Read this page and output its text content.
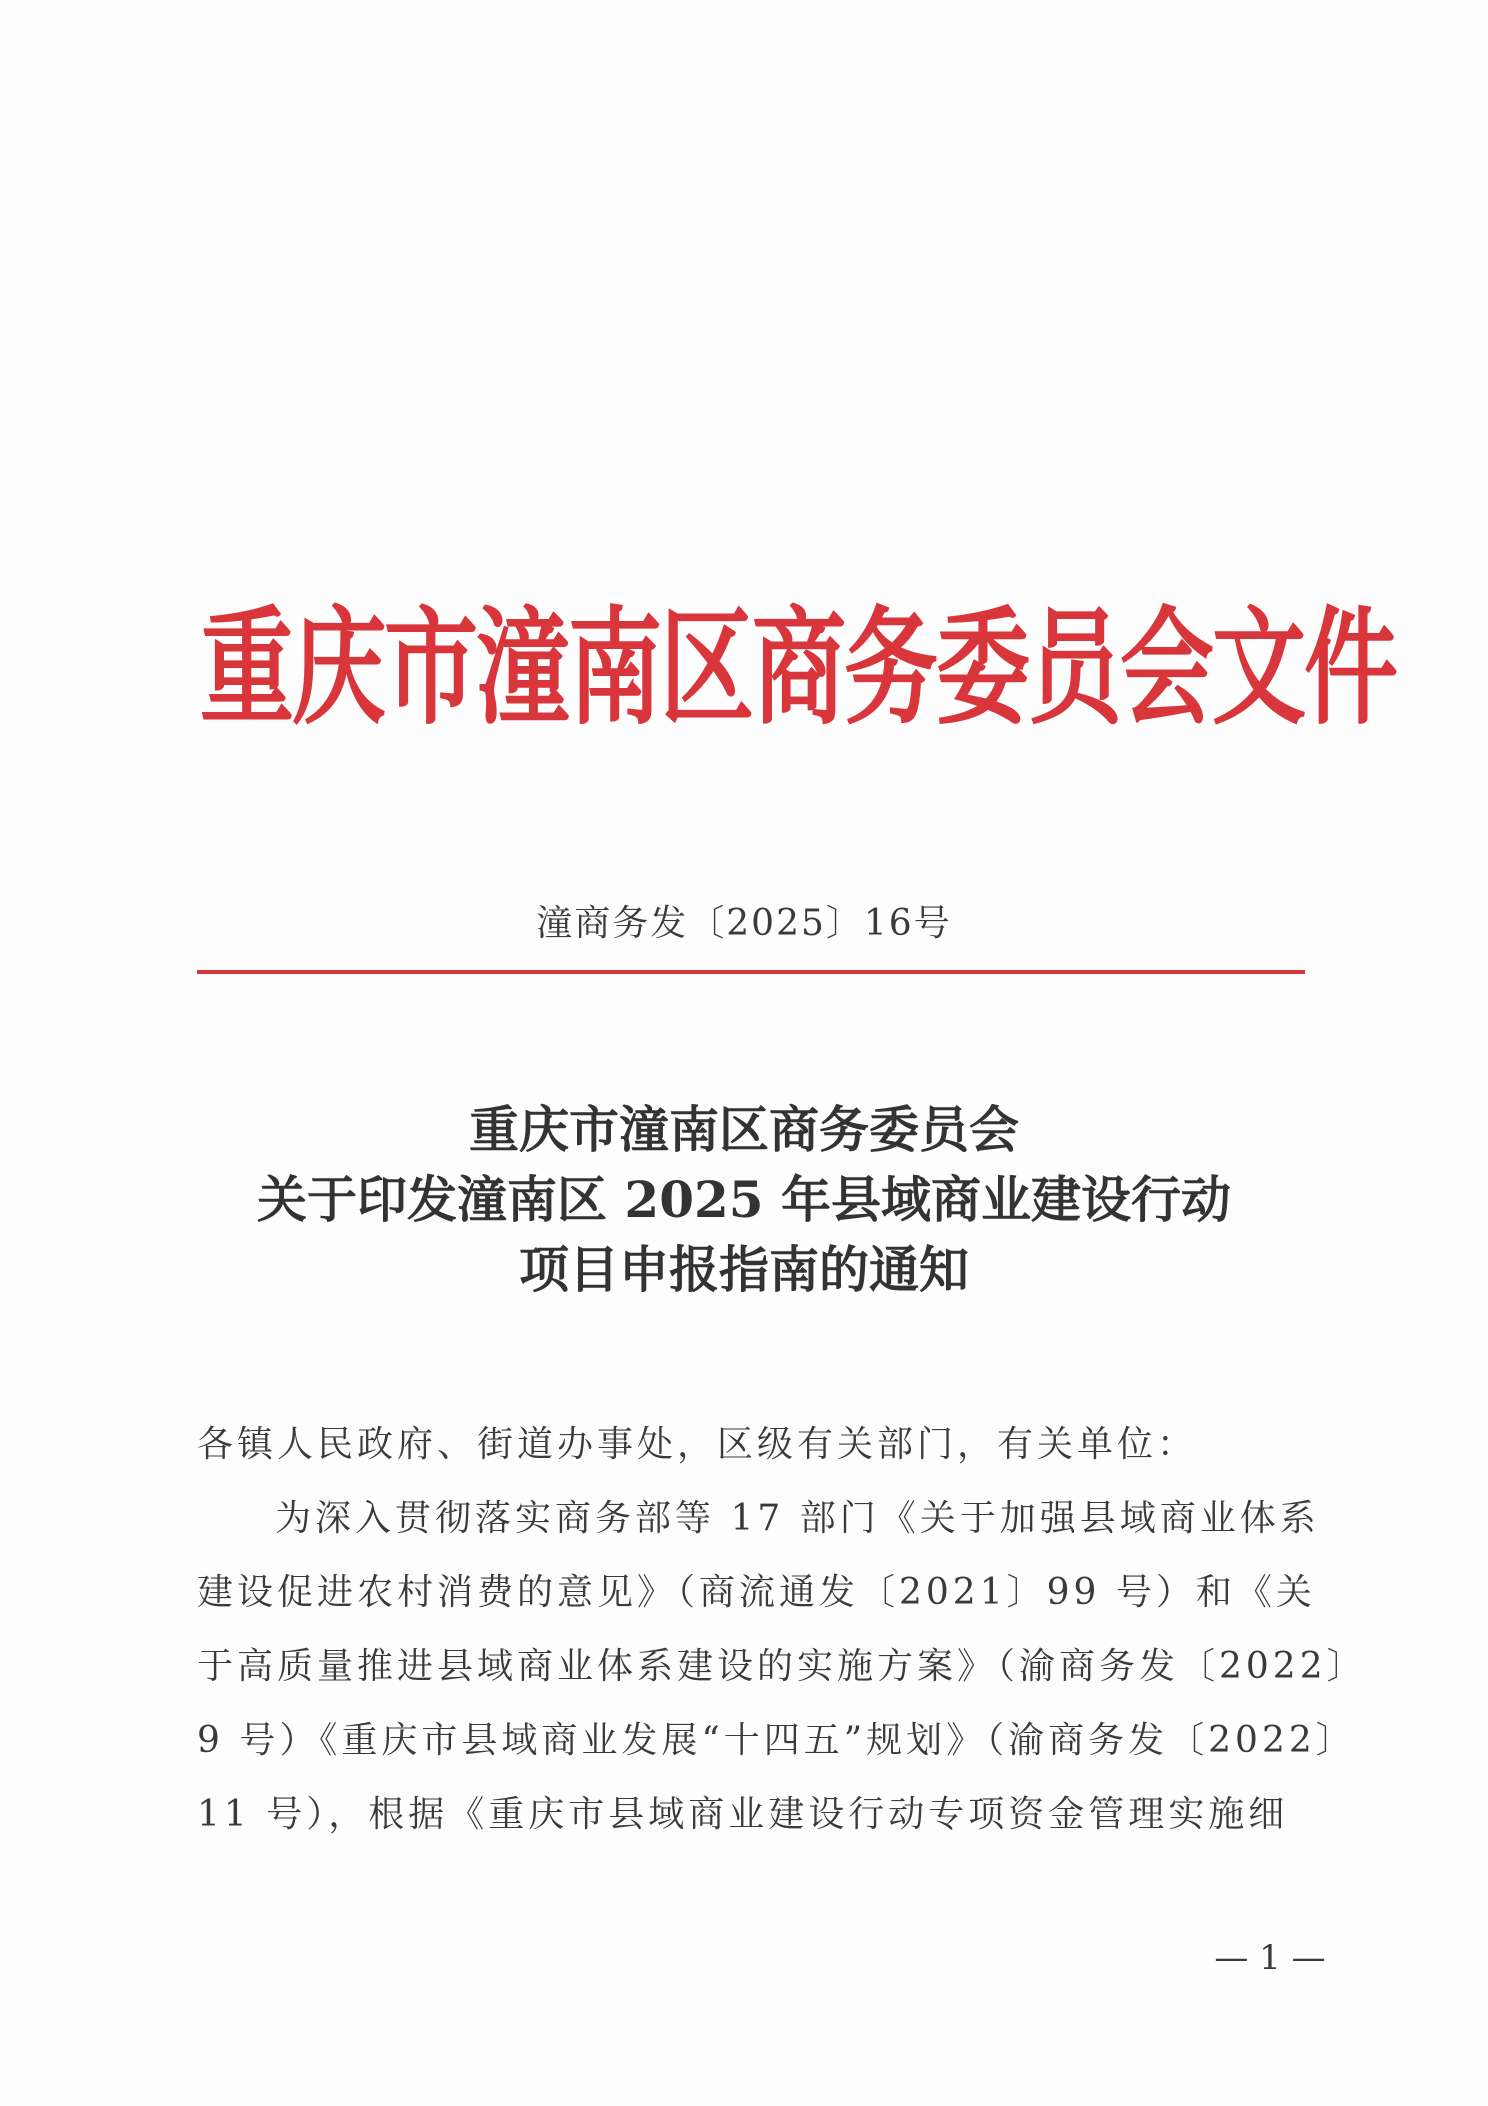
重庆市潼南区商务委员会文件
潼商务发〔2025〕16号
重庆市潼南区商务委员会
关于印发潼南区 2025 年县域商业建设行动
项目申报指南的通知
各镇人民政府、街道办事处，区级有关部门，有关单位：
为深入贯彻落实商务部等 17 部门《关于加强县域商业体系
建设促进农村消费的意见》（商流通发〔2021〕99 号）和《关
于高质量推进县域商业体系建设的实施方案》（渝商务发〔2022〕
9 号）《重庆市县域商业发展“十四五”规划》（渝商务发〔2022〕
11 号），根据《重庆市县域商业建设行动专项资金管理实施细
— 1 —
